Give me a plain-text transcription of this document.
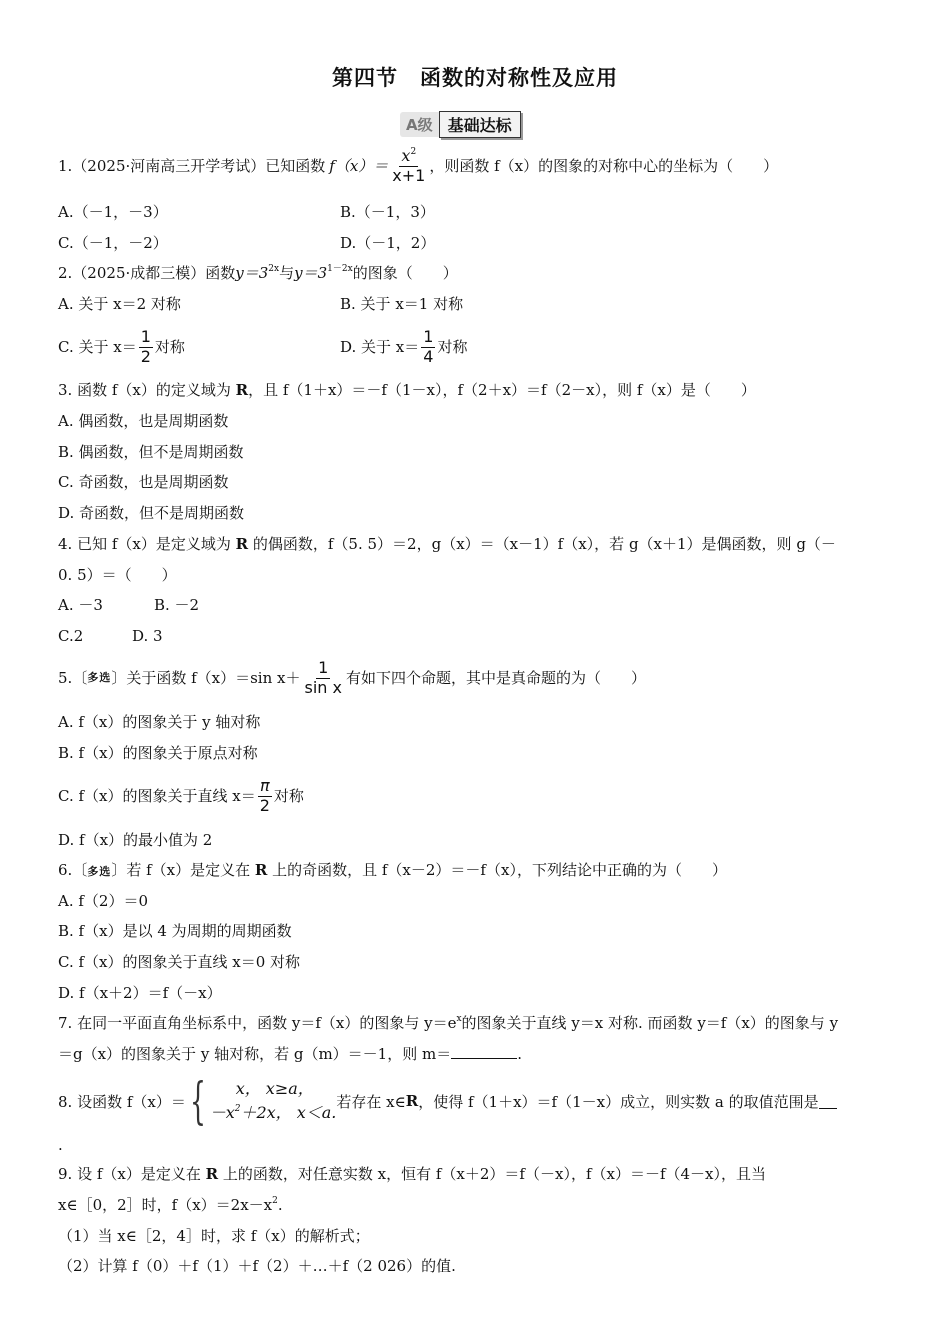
第四节　函数的对称性及应用
A级 基础达标
1.（2025·河南高三开学考试）已知函数 $f(x)= \frac{x^2}{x+1}$ ，则函数 f（x）的图象的对称中心的坐标为（　　）
A.（－1，－3）	B.（－1，3）
C.（－1，－2）	D.（－1，2）
2.（2025·成都三模）函数$y=3^{2x}$与$y=3^{1-2x}$的图象（　　）
A. 关于 x＝2 对称	B. 关于 x＝1 对称
C. 关于 $x= \frac{1}{2}$ 对称	D. 关于 $x= \frac{1}{4}$ 对称
3. 函数 f（x）的定义域为 R，且 f（1＋x）＝－f（1－x），f（2＋x）＝f（2－x），则 f（x）是（　　）
A. 偶函数，也是周期函数
B. 偶函数，但不是周期函数
C. 奇函数，也是周期函数
D. 奇函数，但不是周期函数
4. 已知 f（x）是定义域为 R 的偶函数，f（5. 5）＝2，g（x）＝（x－1）f（x），若 g（x＋1）是偶函数，则 g（－
0. 5）＝（　　）
A. －3	B. －2
C.2	D. 3
5.〔 多选 〕关于函数 f（x）＝sin $x+ \frac{1}{\text{sin x}}$ 有如下四个命题，其中是真命题的为（　　）
A. f（x）的图象关于 y 轴对称
B. f（x）的图象关于原点对称
C. f（x）的图象关于直线 $x= \frac{\pi}{2}$ 对称
D. f（x）的最小值为 2
6.〔多选〕若 f（x）是定义在 R 上的奇函数，且 f（x－2）＝－f（x），下列结论中正确的为（　　）
A. f（2）＝0
B. f（x）是以 4 为周期的周期函数
C. f（x）的图象关于直线 x＝0 对称
D. f（x＋2）＝f（－x）
7. 在同一平面直角坐标系中，函数 y＝f（x）的图象与 $y=e^x$的图象关于直线 y＝x 对称. 而函数 y＝f（x）的图象与 y
＝g（x）的图象关于 y 轴对称，若 g（m）＝－1，则 m＝	.
8. 设函数 f（x）＝ {	x， x≥a，
$-x^2+2x$， x＜a.
若存在 x∈ R ，使得 f（1＋x）＝f（1－x）成立，则实数 a 的取值范围是
.
9. 设 f（x）是定义在 R 上的函数，对任意实数 x，恒有 f（x＋2）＝f（－x），f（x）＝－f（4－x），且当
x∈［0，2］时，$f(x)=2x-x^2$.
（1）当 x∈［2，4］时，求 f（x）的解析式；
（2）计算 f（0）＋f（1）＋f（2）＋…＋f（2 026）的值.
